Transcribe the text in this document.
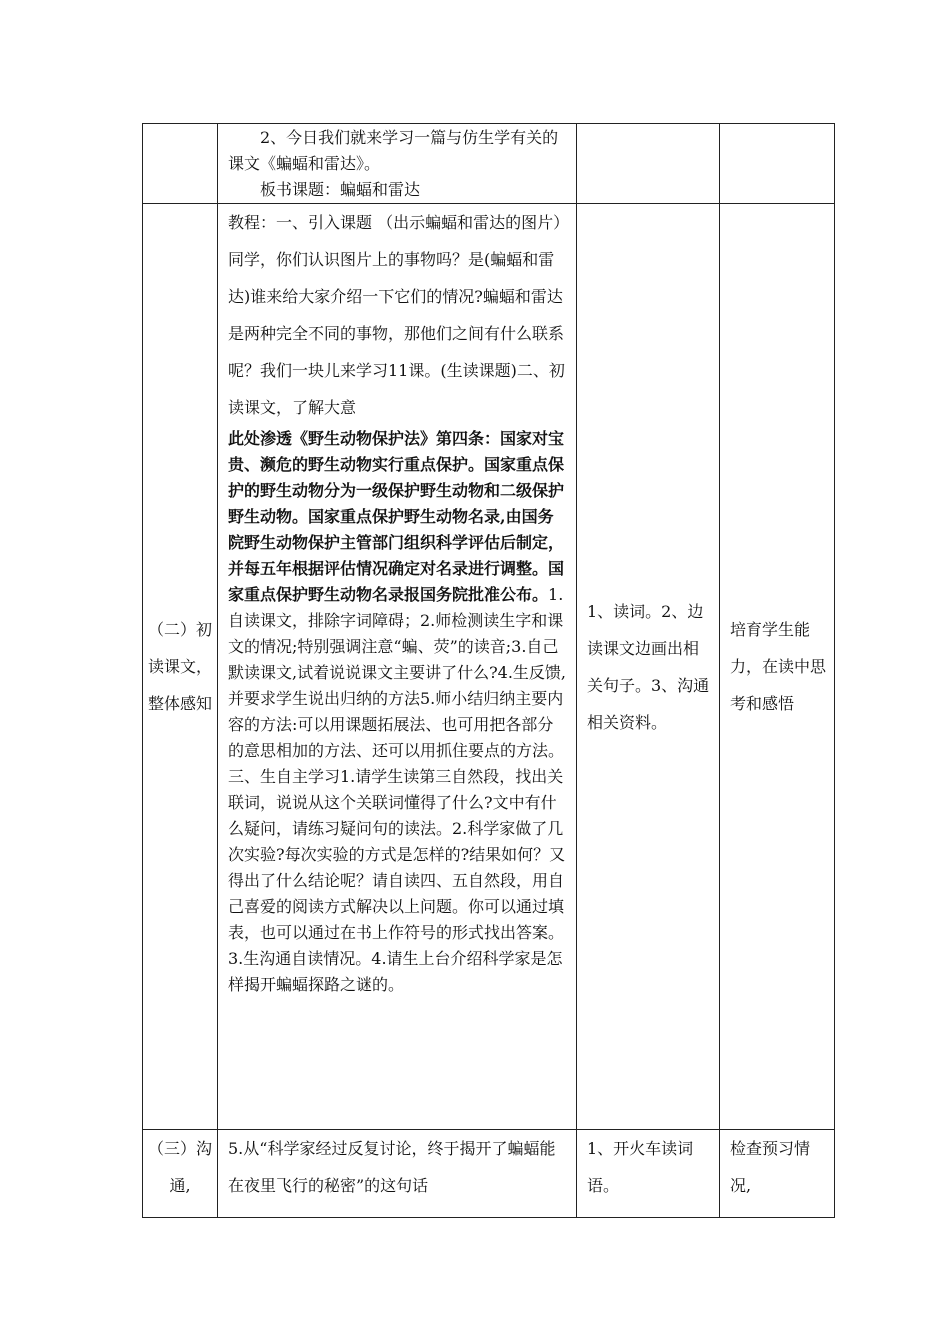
	2、今日我们就来学习一篇与仿生学有关的课文《蝙蝠和雷达》。
板书课题：蝙蝠和雷达		

（二）初读课文，整体感知	教程：一、引入课题 （出示蝙蝠和雷达的图片）同学，你们认识图片上的事物吗？是(蝙蝠和雷达)谁来给大家介绍一下它们的情况?蝙蝠和雷达是两种完全不同的事物，那他们之间有什么联系呢？我们一块儿来学习11课。(生读课题)二、初读课文，了解大意
此处渗透《野生动物保护法》第四条：国家对宝贵、濒危的野生动物实行重点保护。国家重点保护的野生动物分为一级保护野生动物和二级保护野生动物。国家重点保护野生动物名录,由国务院野生动物保护主管部门组织科学评估后制定，并每五年根据评估情况确定对名录进行调整。国家重点保护野生动物名录报国务院批准公布。1.自读课文，排除字词障碍；2.师检测读生字和课文的情况;特别强调注意“蝙、荧”的读音;3.自己默读课文,试着说说课文主要讲了什么?4.生反馈,并要求学生说出归纳的方法5.师小结归纳主要内容的方法:可以用课题拓展法、也可用把各部分的意思相加的方法、还可以用抓住要点的方法。三、生自主学习1.请学生读第三自然段，找出关联词，说说从这个关联词懂得了什么?文中有什么疑问，请练习疑问句的读法。2.科学家做了几次实验?每次实验的方式是怎样的?结果如何？又得出了什么结论呢？请自读四、五自然段，用自己喜爱的阅读方式解决以上问题。你可以通过填表，也可以通过在书上作符号的形式找出答案。3.生沟通自读情况。4.请生上台介绍科学家是怎样揭开蝙蝠探路之谜的。	1、读词。2、边读课文边画出相关句子。3、沟通相关资料。	培育学生能力，在读中思考和感悟

（三）沟通,	5.从“科学家经过反复讨论，终于揭开了蝙蝠能在夜里飞行的秘密”的这句话	1、开火车读词语。	检查预习情况,
